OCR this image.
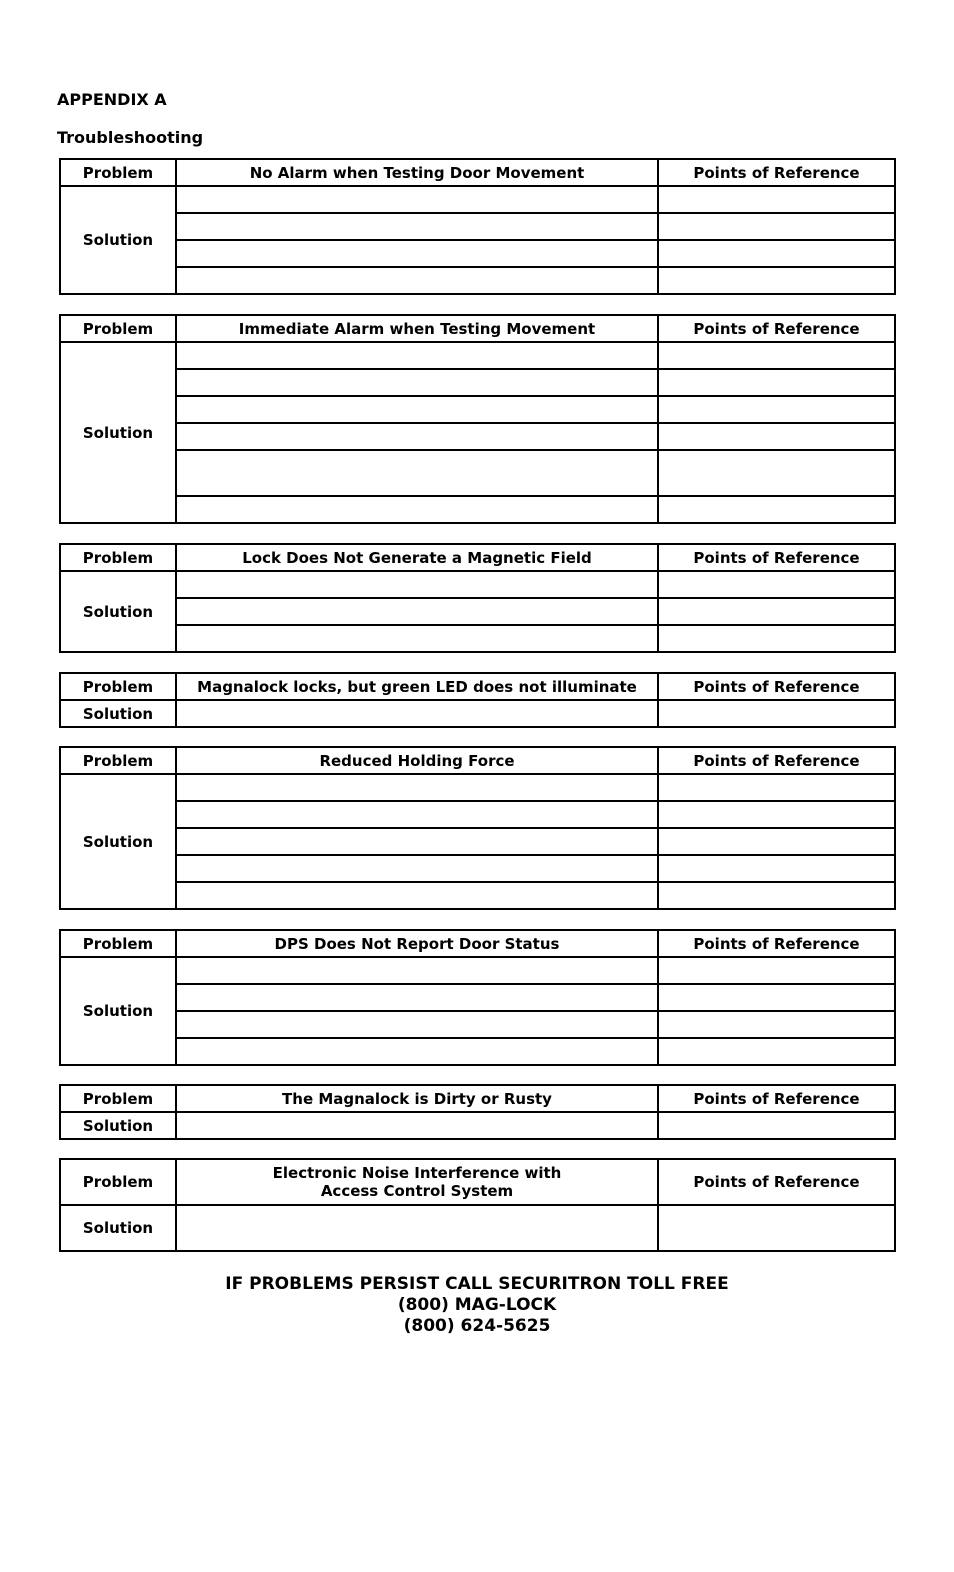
APPENDIX A
Troubleshooting
Problem	No Alarm when Testing Door Movement	Points of Reference
Solution		

Problem	Immediate Alarm when Testing Movement	Points of Reference
Solution		

Problem	Lock Does Not Generate a Magnetic Field	Points of Reference
Solution		

Problem	Magnalock locks, but green LED does not illuminate	Points of Reference
Solution		
Problem	Reduced Holding Force	Points of Reference
Solution		

Problem	DPS Does Not Report Door Status	Points of Reference
Solution		

Problem	The Magnalock is Dirty or Rusty	Points of Reference
Solution		
Problem	Electronic Noise Interference with
Access Control System	Points of Reference
Solution		
IF PROBLEMS PERSIST CALL SECURITRON TOLL FREE
(800) MAG-LOCK
(800) 624-5625
